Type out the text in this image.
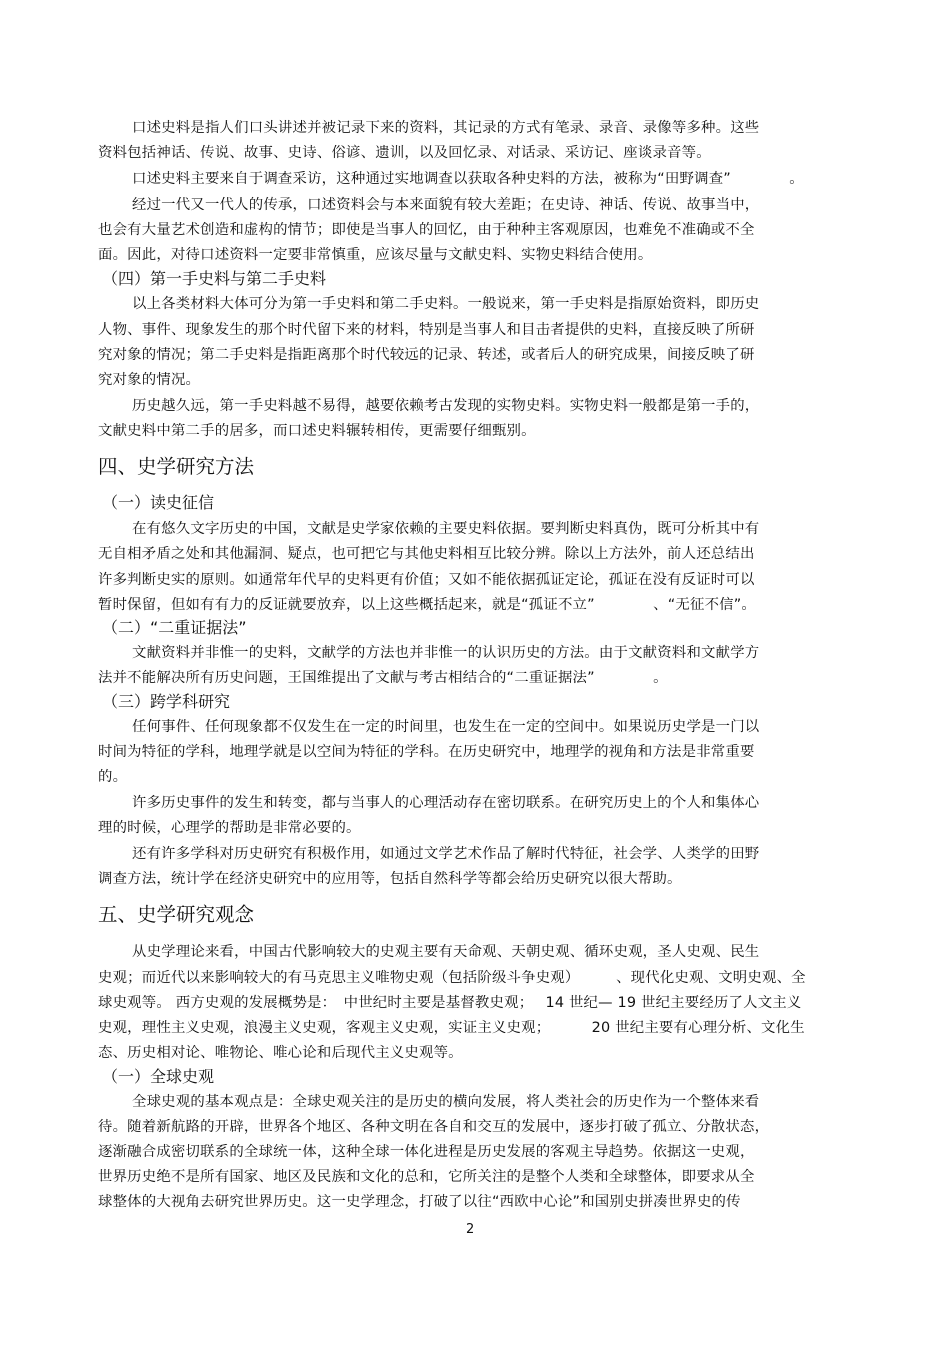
口述史料是指人们口头讲述并被记录下来的资料，其记录的方式有笔录、录音、录像等多种。这些
资料包括神话、传说、故事、史诗、俗谚、遗训，以及回忆录、对话录、采访记、座谈录音等。
口述史料主要来自于调查采访，这种通过实地调查以获取各种史料的方法，被称为“田野调查”　　　　。
经过一代又一代人的传承，口述资料会与本来面貌有较大差距；在史诗、神话、传说、故事当中，
也会有大量艺术创造和虚构的情节；即使是当事人的回忆，由于种种主客观原因，也难免不准确或不全
面。因此，对待口述资料一定要非常慎重，应该尽量与文献史料、实物史料结合使用。
（四）第一手史料与第二手史料
以上各类材料大体可分为第一手史料和第二手史料。一般说来，第一手史料是指原始资料，即历史
人物、事件、现象发生的那个时代留下来的材料，特别是当事人和目击者提供的史料，直接反映了所研
究对象的情况；第二手史料是指距离那个时代较远的记录、转述，或者后人的研究成果，间接反映了研
究对象的情况。
历史越久远，第一手史料越不易得，越要依赖考古发现的实物史料。实物史料一般都是第一手的，
文献史料中第二手的居多，而口述史料辗转相传，更需要仔细甄别。
四、史学研究方法
（一）读史征信
在有悠久文字历史的中国，文献是史学家依赖的主要史料依据。要判断史料真伪，既可分析其中有
无自相矛盾之处和其他漏洞、疑点，也可把它与其他史料相互比较分辨。除以上方法外，前人还总结出
许多判断史实的原则。如通常年代早的史料更有价值；又如不能依据孤证定论，孤证在没有反证时可以
暂时保留，但如有有力的反证就要放弃，以上这些概括起来，就是“孤证不立”　　　　、“无征不信”。
（二）“二重证据法”
文献资料并非惟一的史料，文献学的方法也并非惟一的认识历史的方法。由于文献资料和文献学方
法并不能解决所有历史问题，王国维提出了文献与考古相结合的“二重证据法”　　　　。
（三）跨学科研究
任何事件、任何现象都不仅发生在一定的时间里，也发生在一定的空间中。如果说历史学是一门以
时间为特征的学科，地理学就是以空间为特征的学科。在历史研究中，地理学的视角和方法是非常重要
的。
许多历史事件的发生和转变，都与当事人的心理活动存在密切联系。在研究历史上的个人和集体心
理的时候，心理学的帮助是非常必要的。
还有许多学科对历史研究有积极作用，如通过文学艺术作品了解时代特征，社会学、人类学的田野
调查方法，统计学在经济史研究中的应用等，包括自然科学等都会给历史研究以很大帮助。
五、史学研究观念
从史学理论来看，中国古代影响较大的史观主要有天命观、天朝史观、循环史观，圣人史观、民生
史观；而近代以来影响较大的有马克思主义唯物史观（包括阶级斗争史观）　　　、现代化史观、文明史观、全
球史观等。 西方史观的发展概势是：　中世纪时主要是基督教史观；　 14 世纪— 19 世纪主要经历了人文主义
史观，理性主义史观，浪漫主义史观，客观主义史观，实证主义史观；　　　 20 世纪主要有心理分析、文化生
态、历史相对论、唯物论、唯心论和后现代主义史观等。
（一）全球史观
全球史观的基本观点是：全球史观关注的是历史的横向发展，将人类社会的历史作为一个整体来看
待。随着新航路的开辟，世界各个地区、各种文明在各自和交互的发展中，逐步打破了孤立、分散状态，
逐渐融合成密切联系的全球统一体，这种全球一体化进程是历史发展的客观主导趋势。依据这一史观，
世界历史绝不是所有国家、地区及民族和文化的总和，它所关注的是整个人类和全球整体，即要求从全
球整体的大视角去研究世界历史。这一史学理念，打破了以往“西欧中心论”和国别史拼凑世界史的传
2
